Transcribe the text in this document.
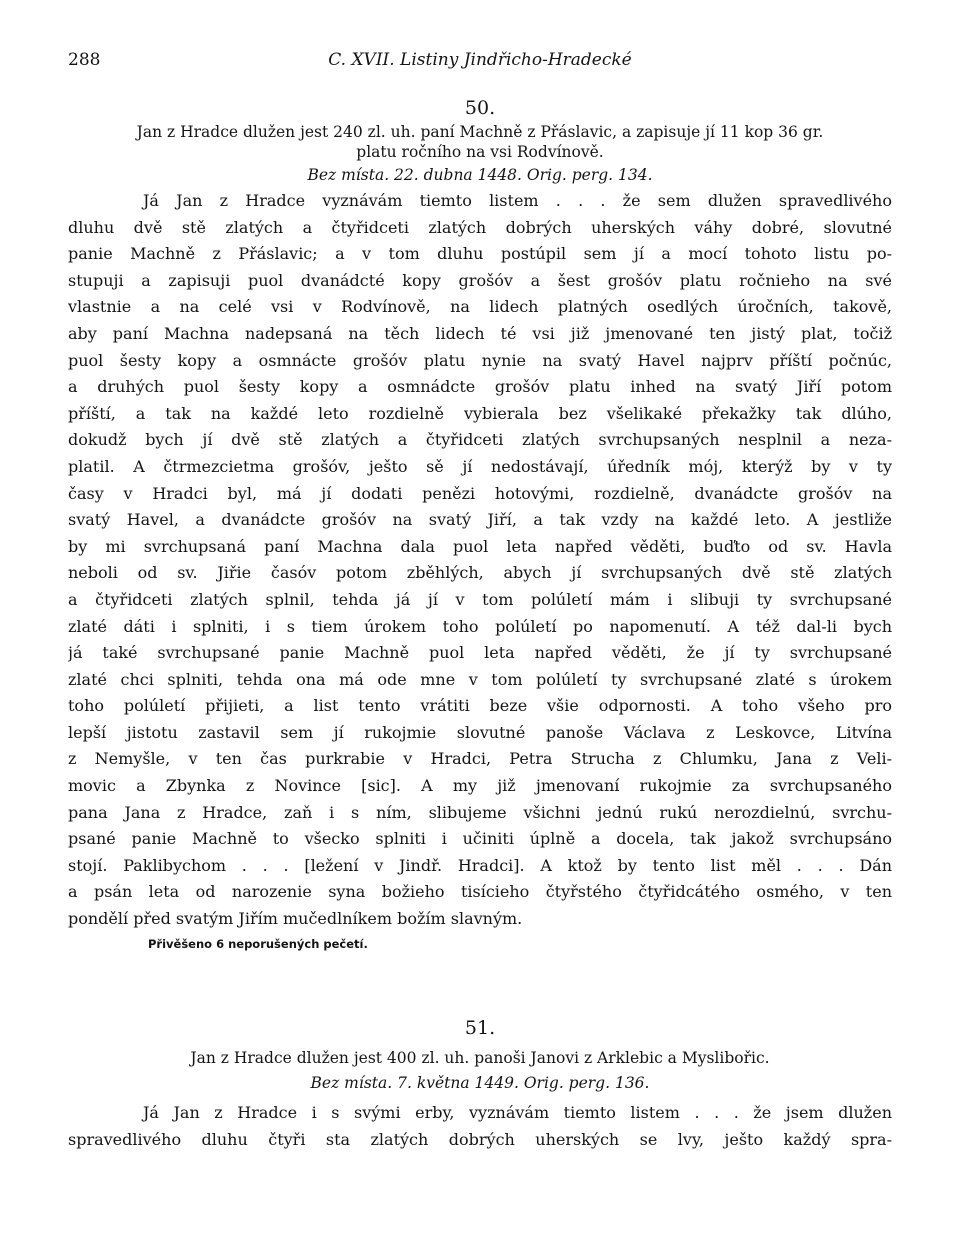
288	C. XVII. Listiny Jindřicho-Hradecké
50.
Jan z Hradce dlužen jest 240 zl. uh. paní Machně z Přáslavic, a zapisuje jí 11 kop 36 gr.
platu ročního na vsi Rodvínově.
Bez místa. 22. dubna 1448. Orig. perg. 134.
Já Jan z Hradce vyznávám tiemto listem . . . že sem dlužen spravedlivého
dluhu dvě stě zlatých a čtyřidceti zlatých dobrých uherských váhy dobré, slovutné
panie Machně z Přáslavic; a v tom dluhu postúpil sem jí a mocí tohoto listu po-
stupuji a zapisuji puol dvanádcté kopy grošóv a šest grošóv platu ročnieho na své
vlastnie a na celé vsi v Rodvínově, na lidech platných osedlých úročních, takově,
aby paní Machna nadepsaná na těch lidech té vsi již jmenované ten jistý plat, točiž
puol šesty kopy a osmnácte grošóv platu nynie na svatý Havel najprv příští počnúc,
a druhých puol šesty kopy a osmnádcte grošóv platu inhed na svatý Jiří potom
příští, a tak na každé leto rozdielně vybierala bez všelikaké překažky tak dlúho,
dokudž bych jí dvě stě zlatých a čtyřidceti zlatých svrchupsaných nesplnil a neza-
platil. A čtrmezcietma grošóv, ješto sě jí nedostávají, úředník mój, kterýž by v ty
časy v Hradci byl, má jí dodati penězi hotovými, rozdielně, dvanádcte grošóv na
svatý Havel, a dvanádcte grošóv na svatý Jiří, a tak vzdy na každé leto. A jestliže
by mi svrchupsaná paní Machna dala puol leta napřed věděti, buďto od sv. Havla
neboli od sv. Jiřie časóv potom zběhlých, abych jí svrchupsaných dvě stě zlatých
a čtyřidceti zlatých splnil, tehda já jí v tom polúletí mám i slibuji ty svrchupsané
zlaté dáti i splniti, i s tiem úrokem toho polúletí po napomenutí. A též dal-li bych
já také svrchupsané panie Machně puol leta napřed věděti, že jí ty svrchupsané
zlaté chci splniti, tehda ona má ode mne v tom polúletí ty svrchupsané zlaté s úrokem
toho polúletí přijieti, a list tento vrátiti beze všie odpornosti. A toho všeho pro
lepší jistotu zastavil sem jí rukojmie slovutné panoše Václava z Leskovce, Litvína
z Nemyšle, v ten čas purkrabie v Hradci, Petra Strucha z Chlumku, Jana z Veli-
movic a Zbynka z Novince [sic]. A my již jmenovaní rukojmie za svrchupsaného
pana Jana z Hradce, zaň i s ním, slibujeme všichni jednú rukú nerozdielnú, svrchu-
psané panie Machně to všecko splniti i učiniti úplně a docela, tak jakož svrchupsáno
stojí. Paklibychom . . . [ležení v Jindř. Hradci]. A ktož by tento list měl . . . Dán
a psán leta od narozenie syna božieho tisícieho čtyřstého čtyřidcátého osmého, v ten
pondělí před svatým Jiřím mučedlníkem božím slavným.
Přivěšeno 6 neporušených pečetí.
51.
Jan z Hradce dlužen jest 400 zl. uh. panoši Janovi z Arklebic a Myslibořic.
Bez místa. 7. května 1449. Orig. perg. 136.
Já Jan z Hradce i s svými erby, vyznávám tiemto listem . . . že jsem dlužen
spravedlivého dluhu čtyři sta zlatých dobrých uherských se lvy, ješto každý spra-
